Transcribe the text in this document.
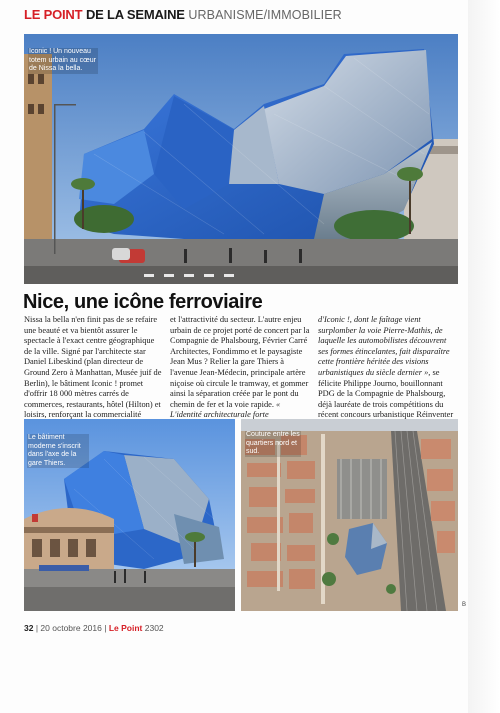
LE POINT DE LA SEMAINE URBANISME/IMMOBILIER
Iconic ! Un nouveau totem urbain au cœur de Nissa la bella.
Nice, une icône ferroviaire

Nissa la bella n'en finit pas de se refaire une beauté et va bientôt assurer le spectacle à l'exact centre géographique de la ville. Signé par l'architecte star Daniel Libeskind (plan directeur de Ground Zero à Manhattan, Musée juif de Berlin), le bâtiment Iconic ! promet d'offrir 18 000 mètres carrés de commerces, restaurants, hôtel (Hilton) et loisirs, renforçant la commercialité

et l'attractivité du secteur. L'autre enjeu urbain de ce projet porté de concert par la Compagnie de Phalsbourg, Février Carré Architectes, Fondimmo et le paysagiste Jean Mus ? Relier la gare Thiers à l'avenue Jean-Médecin, principale artère niçoise où circule le tramway, et gommer ainsi la séparation créée par le pont du chemin de fer et la voie rapide. « L'identité architecturale forte

d'Iconic !, dont le faîtage vient surplomber la voie Pierre-Mathis, de laquelle les automobilistes découvrent ses formes étincelantes, fait disparaître cette frontière héritée des visions urbanistiques du siècle dernier », se félicite Philippe Journo, bouillonnant PDG de la Compagnie de Phalsbourg, déjà lauréate de trois compétitions du récent concours urbanistique Réinventer

Le bâtiment moderne s'inscrit dans l'axe de la gare Thiers.
Couture entre les quartiers nord et sud.
B
32 | 20 octobre 2016 | Le Point 2302
